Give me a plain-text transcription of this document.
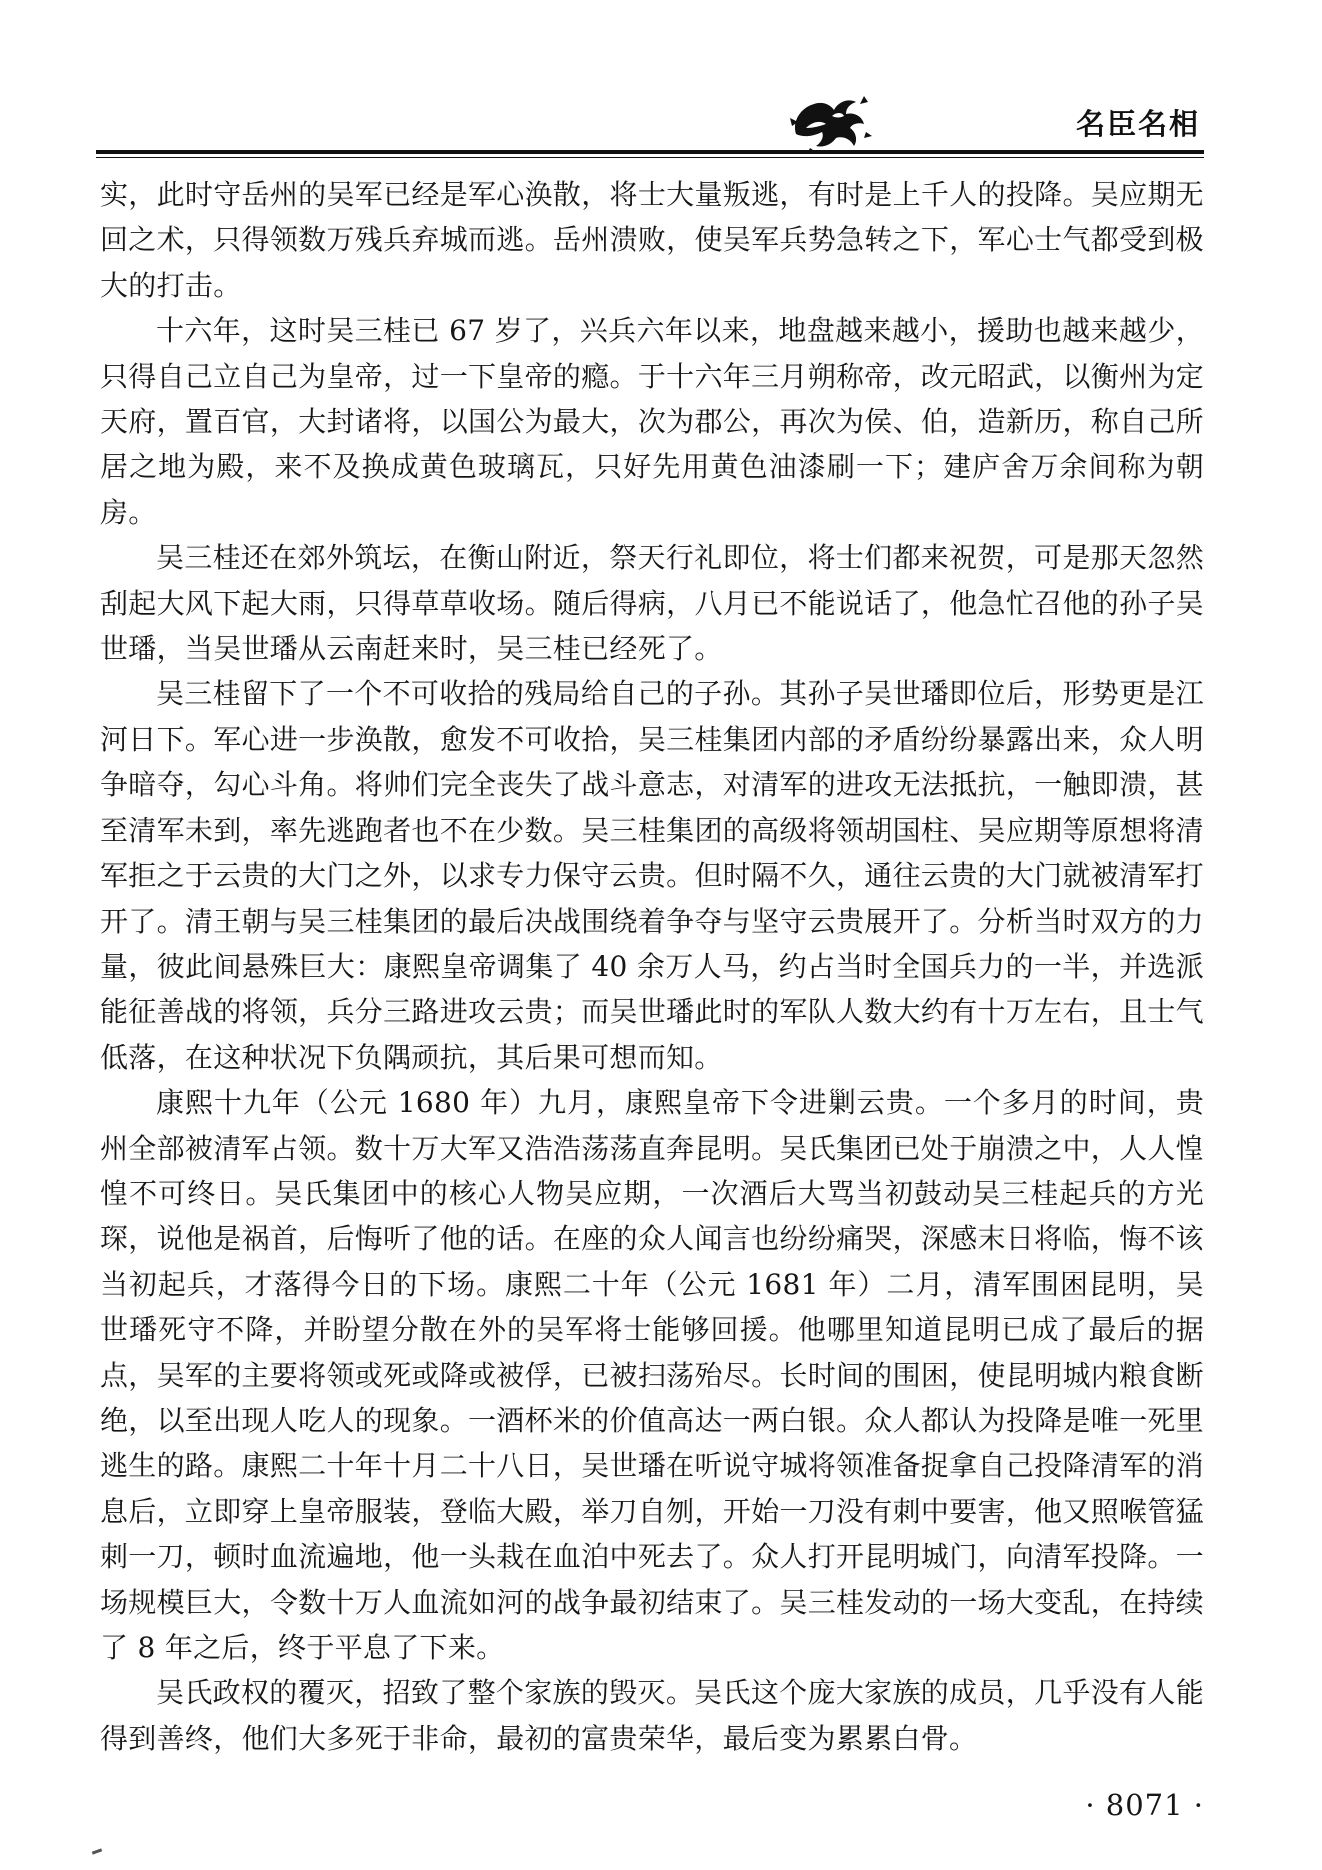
名臣名相

实，此时守岳州的吴军已经是军心涣散，将士大量叛逃，有时是上千人的投降。吴应期无回之术，只得领数万残兵弃城而逃。岳州溃败，使吴军兵势急转之下，军心士气都受到极大的打击。

十六年，这时吴三桂已 67 岁了，兴兵六年以来，地盘越来越小，援助也越来越少，只得自己立自己为皇帝，过一下皇帝的瘾。于十六年三月朔称帝，改元昭武，以衡州为定天府，置百官，大封诸将，以国公为最大，次为郡公，再次为侯、伯，造新历，称自己所居之地为殿，来不及换成黄色玻璃瓦，只好先用黄色油漆刷一下；建庐舍万余间称为朝房。

吴三桂还在郊外筑坛，在衡山附近，祭天行礼即位，将士们都来祝贺，可是那天忽然刮起大风下起大雨，只得草草收场。随后得病，八月已不能说话了，他急忙召他的孙子吴世璠，当吴世璠从云南赶来时，吴三桂已经死了。

吴三桂留下了一个不可收拾的残局给自己的子孙。其孙子吴世璠即位后，形势更是江河日下。军心进一步涣散，愈发不可收拾，吴三桂集团内部的矛盾纷纷暴露出来，众人明争暗夺，勾心斗角。将帅们完全丧失了战斗意志，对清军的进攻无法抵抗，一触即溃，甚至清军未到，率先逃跑者也不在少数。吴三桂集团的高级将领胡国柱、吴应期等原想将清军拒之于云贵的大门之外，以求专力保守云贵。但时隔不久，通往云贵的大门就被清军打开了。清王朝与吴三桂集团的最后决战围绕着争夺与坚守云贵展开了。分析当时双方的力量，彼此间悬殊巨大：康熙皇帝调集了 40 余万人马，约占当时全国兵力的一半，并选派能征善战的将领，兵分三路进攻云贵；而吴世璠此时的军队人数大约有十万左右，且士气低落，在这种状况下负隅顽抗，其后果可想而知。

康熙十九年（公元 1680 年）九月，康熙皇帝下令进剿云贵。一个多月的时间，贵州全部被清军占领。数十万大军又浩浩荡荡直奔昆明。吴氏集团已处于崩溃之中，人人惶惶不可终日。吴氏集团中的核心人物吴应期，一次酒后大骂当初鼓动吴三桂起兵的方光琛，说他是祸首，后悔听了他的话。在座的众人闻言也纷纷痛哭，深感末日将临，悔不该当初起兵，才落得今日的下场。康熙二十年（公元 1681 年）二月，清军围困昆明，吴世璠死守不降，并盼望分散在外的吴军将士能够回援。他哪里知道昆明已成了最后的据点，吴军的主要将领或死或降或被俘，已被扫荡殆尽。长时间的围困，使昆明城内粮食断绝，以至出现人吃人的现象。一酒杯米的价值高达一两白银。众人都认为投降是唯一死里逃生的路。康熙二十年十月二十八日，吴世璠在听说守城将领准备捉拿自己投降清军的消息后，立即穿上皇帝服装，登临大殿，举刀自刎，开始一刀没有刺中要害，他又照喉管猛刺一刀，顿时血流遍地，他一头栽在血泊中死去了。众人打开昆明城门，向清军投降。一场规模巨大，令数十万人血流如河的战争最初结束了。吴三桂发动的一场大变乱，在持续了 8 年之后，终于平息了下来。

吴氏政权的覆灭，招致了整个家族的毁灭。吴氏这个庞大家族的成员，几乎没有人能得到善终，他们大多死于非命，最初的富贵荣华，最后变为累累白骨。

· 8071 ·
